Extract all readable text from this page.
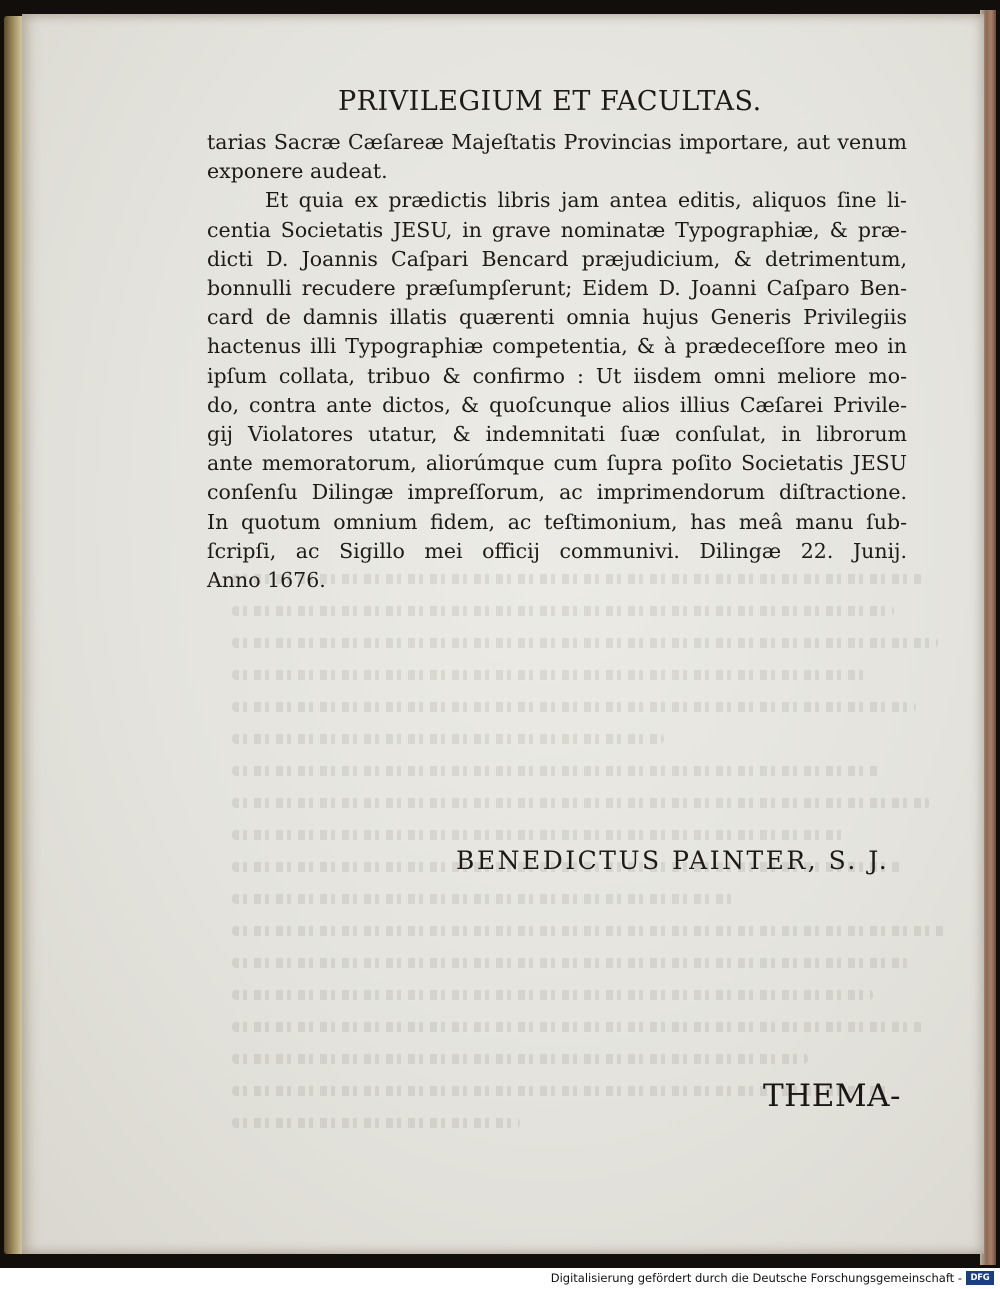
PRIVILEGIUM ET FACULTAS.
tarias Sacræ Cæſareæ Majeſtatis Provincias importare, aut venum
exponere audeat.
Et quia ex prædictis libris jam antea editis, aliquos ſine li-
centia Societatis JESU, in grave nominatæ Typographiæ, & præ-
dicti D. Joannis Caſpari Bencard præjudicium, & detrimentum,
bonnulli recudere præſumpſerunt; Eidem D. Joanni Caſparo Ben-
card de damnis illatis quærenti omnia hujus Generis Privilegiis
hactenus illi Typographiæ competentia, & à prædeceſſore meo in
ipſum collata, tribuo & confirmo : Ut iisdem omni meliore mo-
do, contra ante dictos, & quoſcunque alios illius Cæſarei Privile-
gij Violatores utatur, & indemnitati ſuæ conſulat, in librorum
ante memoratorum, aliorúmque cum ſupra poſito Societatis JESU
conſenſu Dilingæ impreſſorum, ac imprimendorum diſtractione.
In quotum omnium fidem, ac teſtimonium, has meâ manu ſub-
ſcripſi, ac Sigillo mei officij communivi. Dilingæ 22. Junij.
Anno 1676.
BENEDICTUS PAINTER, S. J.
THEMA-
Digitalisierung gefördert durch die Deutsche Forschungsgemeinschaft -	DFG
